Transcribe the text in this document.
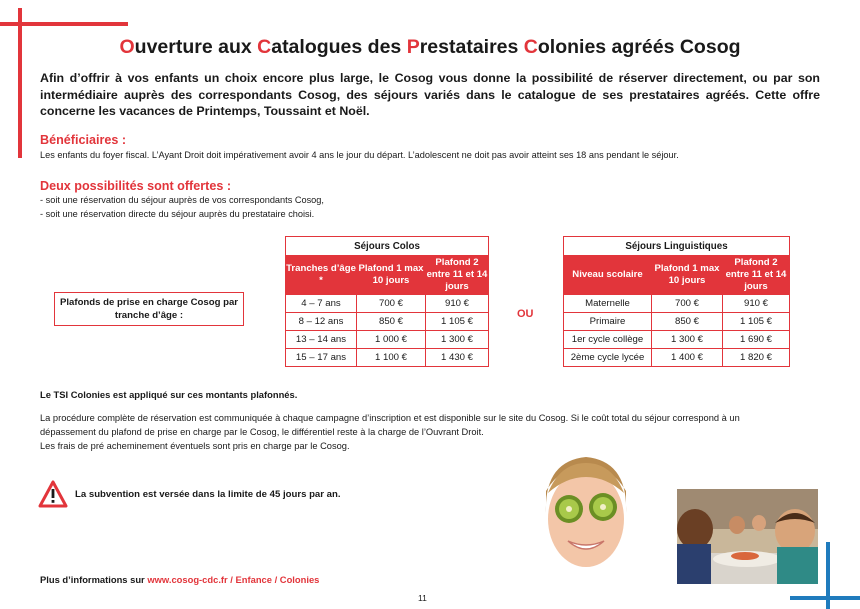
Ouverture aux Catalogues des Prestataires Colonies agréés Cosog

Afin d’offrir à vos enfants un choix encore plus large, le Cosog vous donne la possibilité de réserver directement, ou par son intermédiaire auprès des correspondants Cosog, des séjours variés dans le catalogue de ses prestataires agréés. Cette offre concerne les vacances de Printemps, Toussaint et Noël.

Bénéficiaires :

Les enfants du foyer fiscal. L’Ayant Droit doit impérativement avoir 4 ans le jour du départ. L’adolescent ne doit pas avoir atteint ses 18 ans pendant le séjour.

Deux possibilités sont offertes :

- soit une réservation du séjour auprès de vos correspondants Cosog,

- soit une réservation directe du séjour auprès du prestataire choisi.

Plafonds de prise en charge Cosog par tranche d’âge :
Séjours Colos		
Tranches d’âge *	Plafond 1 max 10 jours	Plafond 2 entre 11 et 14 jours
4 – 7 ans	700 €	910 €
8 – 12 ans	850 €	1 105 €
13 – 14 ans	1 000 €	1 300 €
15 – 17 ans	1 100 €	1 430 €
OU
Séjours Linguistiques		
Niveau scolaire	Plafond 1 max 10 jours	Plafond 2 entre 11 et 14 jours
Maternelle	700 €	910 €
Primaire	850 €	1 105 €
1er cycle collège	1 300 €	1 690 €
2ème cycle lycée	1 400 €	1 820 €

Le TSI Colonies est appliqué sur ces montants plafonnés.

La procédure complète de réservation est communiquée à chaque campagne d’inscription et est disponible sur le site du Cosog. Si le coût total du séjour correspond à un dépassement du plafond de prise en charge par le Cosog, le différentiel reste à la charge de l’Ouvrant Droit.
Les frais de pré acheminement éventuels sont pris en charge par le Cosog.

La subvention est versée dans la limite de 45 jours par an.

Plus d’informations sur www.cosog-cdc.fr / Enfance / Colonies

11
